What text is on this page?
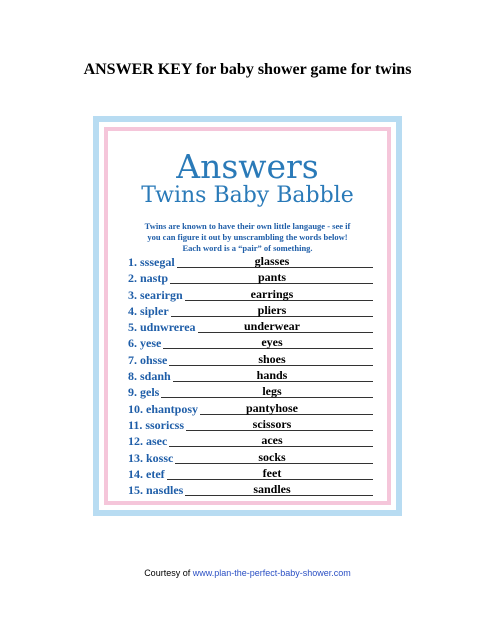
ANSWER KEY for baby shower game for twins
Answers
Twins Baby Babble

Twins are known to have their own little langauge - see if
you can figure it out by unscrambling the words below!
Each word is a “pair” of something.

1. sssegal	glasses
2. nastp	pants
3. searirgn	earrings
4. sipler	pliers
5. udnwrerea	underwear
6. yese	eyes
7. ohsse	shoes
8. sdanh	hands
9. gels	legs
10. ehantposy	pantyhose
11. ssoricss	scissors
12. asec	aces
13. kossc	socks
14. etef	feet
15. nasdles	sandles
Courtesy of www.plan-the-perfect-baby-shower.com
